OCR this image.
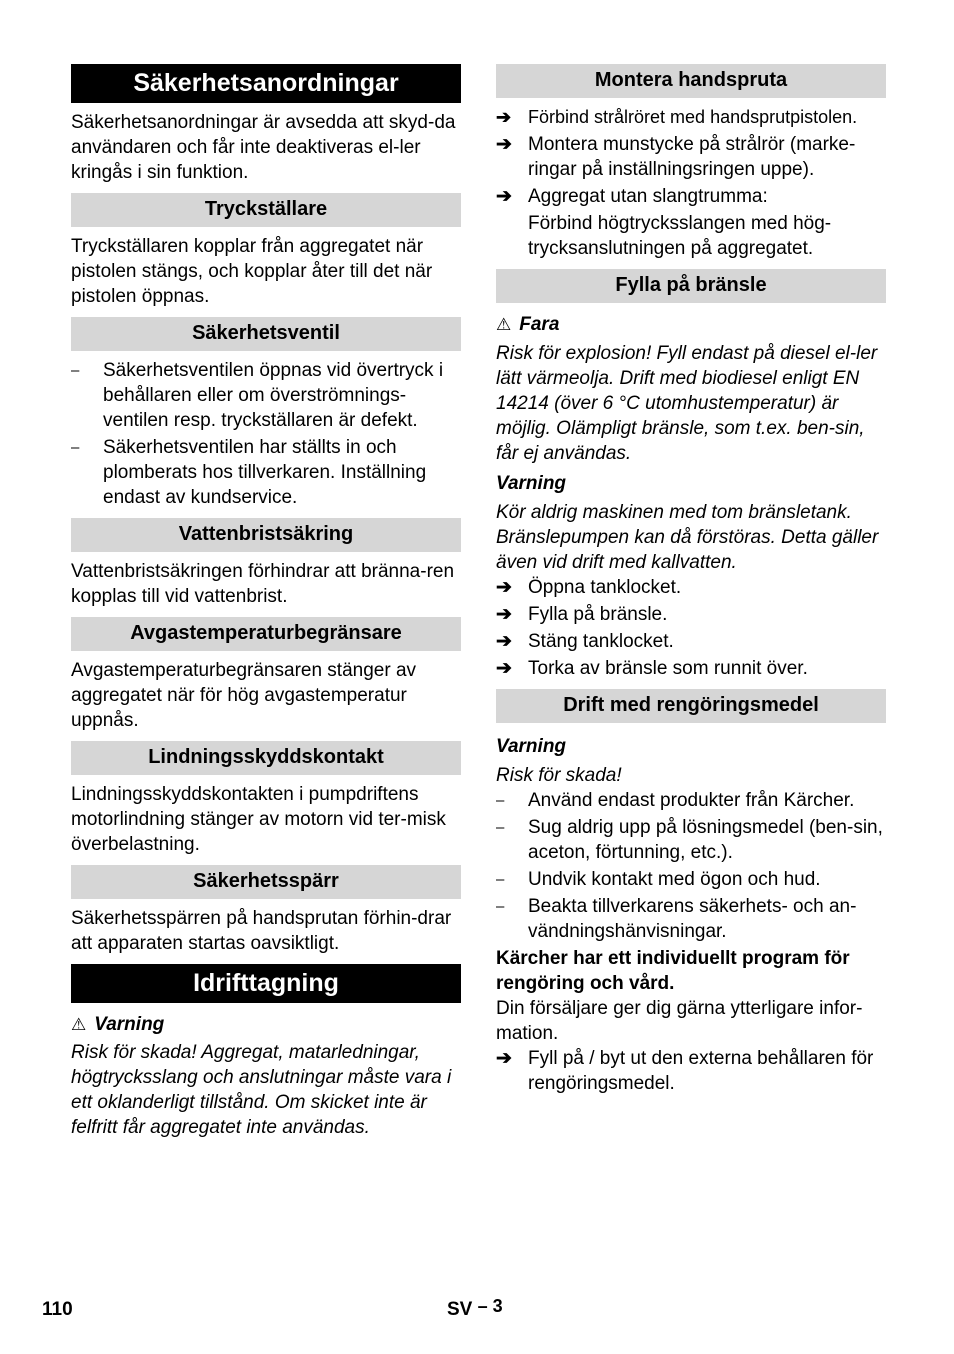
Säkerhetsanordningar

Säkerhetsanordningar är avsedda att skyd-da användaren och får inte deaktiveras el-ler kringås i sin funktion.

Tryckställare

Tryckställaren kopplar från aggregatet när pistolen stängs, och kopplar åter till det när pistolen öppnas.

Säkerhetsventil
–	Säkerhetsventilen öppnas vid övertryck i behållaren eller om överströmnings-ventilen resp. tryckställaren är defekt.
–	Säkerhetsventilen har ställts in och plomberats hos tillverkaren. Inställning endast av kundservice.
Vattenbristsäkring

Vattenbristsäkringen förhindrar att bränna-ren kopplas till vid vattenbrist.

Avgastemperaturbegränsare

Avgastemperaturbegränsaren stänger av aggregatet när för hög avgastemperatur uppnås.

Lindningsskyddskontakt

Lindningsskyddskontakten i pumpdriftens motorlindning stänger av motorn vid ter-misk överbelastning.

Säkerhetsspärr

Säkerhetsspärren på handsprutan förhin-drar att apparaten startas oavsiktligt.

Idrifttagning

⚠ Varning

Risk för skada! Aggregat, matarledningar, högtrycksslang och anslutningar måste vara i ett oklanderligt tillstånd. Om skicket inte är felfritt får aggregatet inte användas.

Montera handspruta
➔ Förbind strålröret med handsprutpistolen.
➔ Montera munstycke på strålrör (marke-ringar på inställningsringen uppe).
➔ Aggregat utan slangtrumma:

Förbind högtrycksslangen med hög-trycksanslutningen på aggregatet.

Fylla på bränsle

⚠ Fara

Risk för explosion! Fyll endast på diesel el-ler lätt värmeolja. Drift med biodiesel enligt EN 14214 (över 6 °C utomhustemperatur) är möjlig. Olämpligt bränsle, som t.ex. ben-sin, får ej användas.

Varning

Kör aldrig maskinen med tom bränsletank. Bränslepumpen kan då förstöras. Detta gäller även vid drift med kallvatten.

➔ Öppna tanklocket.
➔ Fylla på bränsle.
➔ Stäng tanklocket.
➔ Torka av bränsle som runnit över.
Drift med rengöringsmedel

Varning

Risk för skada!

–	Använd endast produkter från Kärcher.
–	Sug aldrig upp på lösningsmedel (ben-sin, aceton, förtunning, etc.).
–	Undvik kontakt med ögon och hud.
–	Beakta tillverkarens säkerhets- och an-vändningshänvisningar.

Kärcher har ett individuellt program för rengöring och vård.

Din försäljare ger dig gärna ytterligare infor-mation.

➔ Fyll på / byt ut den externa behållaren för rengöringsmedel.
110	SV – 3
